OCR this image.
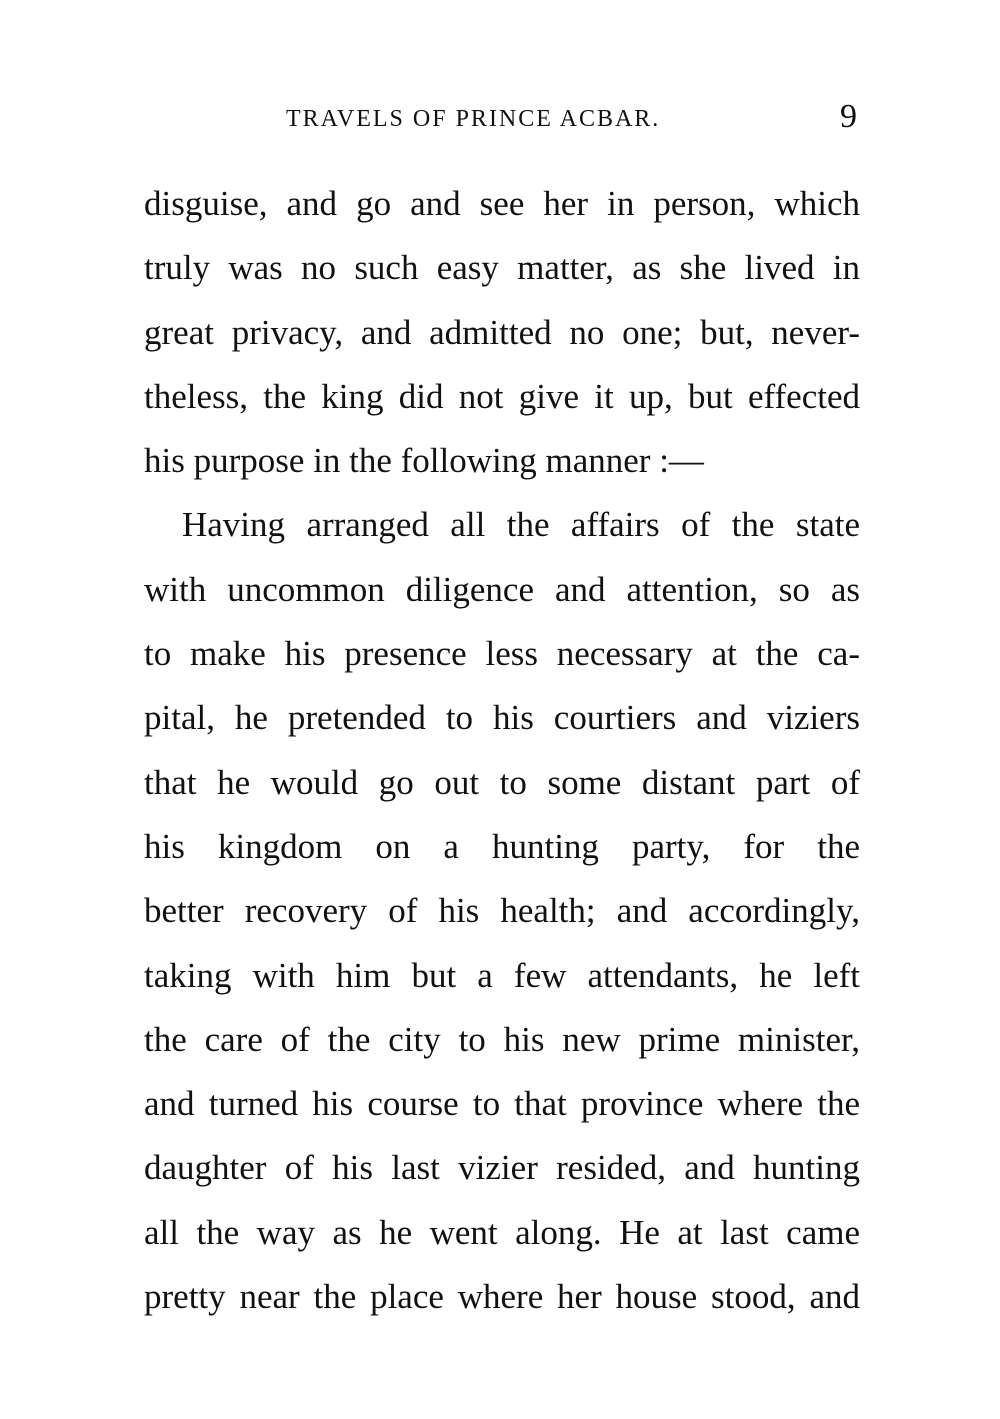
TRAVELS OF PRINCE ACBAR.	9
disguise, and go and see her in person, which
truly was no such easy matter, as she lived in
great privacy, and admitted no one; but, never-
theless, the king did not give it up, but effected
his purpose in the following manner :—
Having arranged all the affairs of the state
with uncommon diligence and attention, so as
to make his presence less necessary at the ca-
pital, he pretended to his courtiers and viziers
that he would go out to some distant part of
his kingdom on a hunting party, for the
better recovery of his health; and accordingly,
taking with him but a few attendants, he left
the care of the city to his new prime minister,
and turned his course to that province where the
daughter of his last vizier resided, and hunting
all the way as he went along. He at last came
pretty near the place where her house stood, and
